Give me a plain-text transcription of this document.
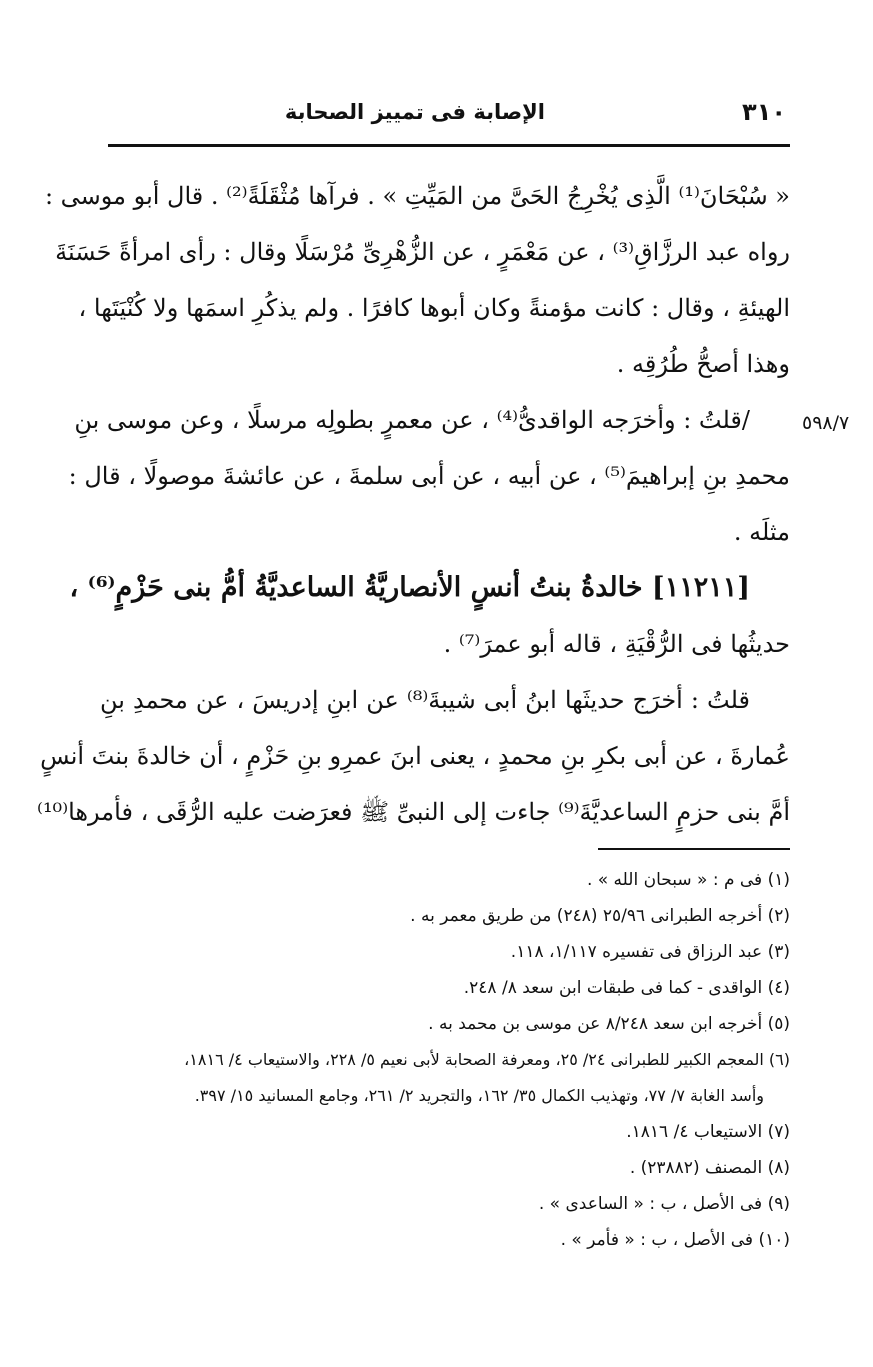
٣١٠
الإصابة فى تمييز الصحابة
٥٩٨/٧
« سُبْحَانَ⁽¹⁾ الَّذِى يُخْرِجُ الحَىَّ من المَيِّتِ » . فرآها مُثْقَلَةً⁽²⁾ . قال أبو موسى :
رواه عبد الرزَّاقِ⁽³⁾ ، عن مَعْمَرٍ ، عن الزُّهْرِىِّ مُرْسَلًا وقال : رأى امرأةً حَسَنَةَ
الهيئةِ ، وقال : كانت مؤمنةً وكان أبوها كافرًا . ولم يذكُرِ اسمَها ولا كُنْيَتَها ،
وهذا أصحُّ طُرُقِه .
/قلتُ : وأخرَجه الواقدىُّ⁽⁴⁾ ، عن معمرٍ بطولِه مرسلًا ، وعن موسى بنِ
محمدِ بنِ إبراهيمَ⁽⁵⁾ ، عن أبيه ، عن أبى سلمةَ ، عن عائشةَ موصولًا ، قال :
مثلَه .
[١١٢١١] خالدةُ بنتُ أنسٍ الأنصاريَّةُ الساعديَّةُ أمُّ بنى حَزْمٍ⁽⁶⁾ ،
حديثُها فى الرُّقْيَةِ ، قاله أبو عمرَ⁽⁷⁾ .
قلتُ : أخرَج حديثَها ابنُ أبى شيبةَ⁽⁸⁾ عن ابنِ إدريسَ ، عن محمدِ بنِ
عُمارةَ ، عن أبى بكرِ بنِ محمدٍ ، يعنى ابنَ عمرِو بنِ حَزْمٍ ، أن خالدةَ بنتَ أنسٍ
أمَّ بنى حزمٍ الساعديَّةَ⁽⁹⁾ جاءت إلى النبىِّ ﷺ فعرَضت عليه الرُّقَى ، فأمرها⁽¹⁰⁾
(١) فى م : « سبحان الله » .
(٢) أخرجه الطبرانى ٢٥/٩٦ (٢٤٨) من طريق معمر به .
(٣) عبد الرزاق فى تفسيره ١/١١٧، ١١٨.
(٤) الواقدى - كما فى طبقات ابن سعد ٨/ ٢٤٨.
(٥) أخرجه ابن سعد ٨/٢٤٨ عن موسى بن محمد به .
(٦) المعجم الكبير للطبرانى ٢٤/ ٢٥، ومعرفة الصحابة لأبى نعيم ٥/ ٢٢٨، والاستيعاب ٤/ ١٨١٦،
وأسد الغابة ٧/ ٧٧، وتهذيب الكمال ٣٥/ ١٦٢، والتجريد ٢/ ٢٦١، وجامع المسانيد ١٥/ ٣٩٧.
(٧) الاستيعاب ٤/ ١٨١٦.
(٨) المصنف (٢٣٨٨٢) .
(٩) فى الأصل ، ب : « الساعدى » .
(١٠) فى الأصل ، ب : « فأمر » .
